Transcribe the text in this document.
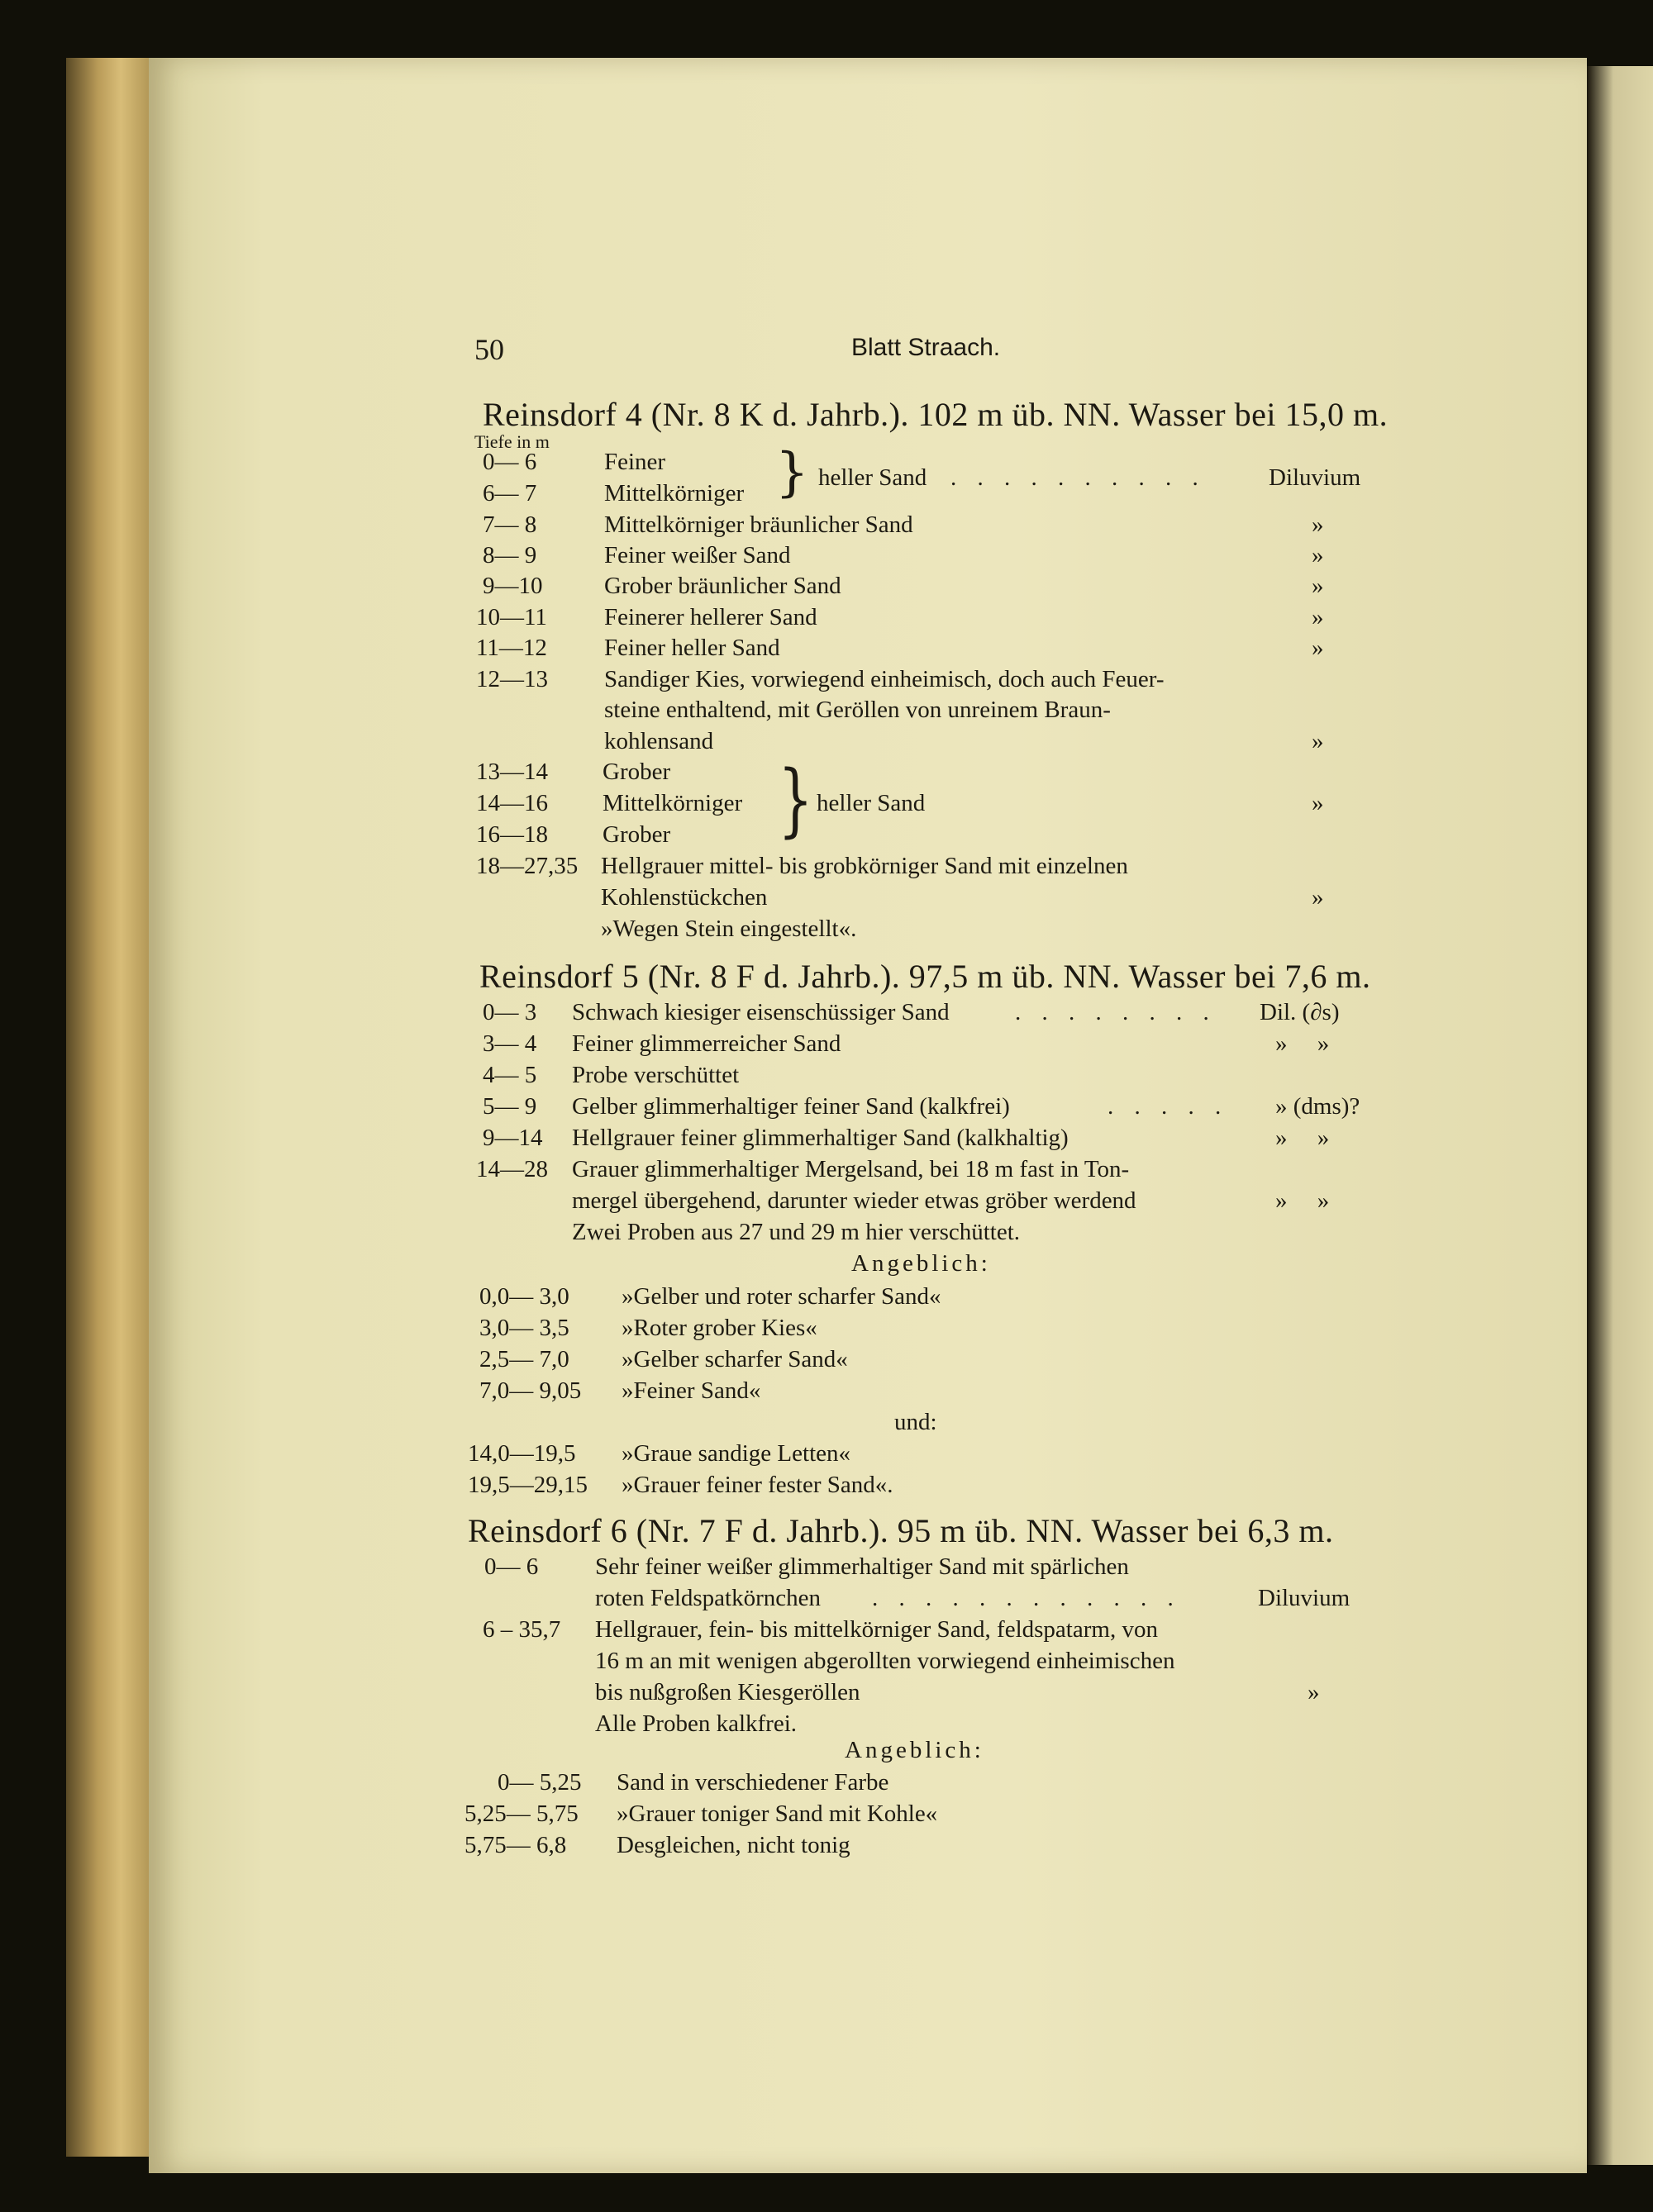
50	Blatt Straach.
Reinsdorf 4 (Nr. 8 K d. Jahrb.). 102 m üb. NN. Wasser bei 15,0 m.
Tiefe in m
0— 6	Feiner
6— 7	Mittelkörniger } heller Sand . . . . . . . . . .	Diluvium
7— 8	Mittelkörniger bräunlicher Sand	»
8— 9	Feiner weißer Sand	»
9—10	Grober bräunlicher Sand	»
10—11 Feinerer hellerer Sand	»
11—12 Feiner heller Sand	»
12—13 Sandiger Kies, vorwiegend einheimisch, doch auch Feuer-
steine enthaltend, mit Geröllen von unreinem Braun-
kohlensand	»
13—14 Grober
14—16 Mittelkörniger	heller Sand	»
}
16—18 Grober
18—27,35 Hellgrauer mittel- bis grobkörniger Sand mit einzelnen
Kohlenstückchen	»
»Wegen Stein eingestellt«.
Reinsdorf 5 (Nr. 8 F d. Jahrb.). 97,5 m üb. NN. Wasser bei 7,6 m.
0— 3 Schwach kiesiger eisenschüssiger Sand	. . . . . . . . Dil. (∂s)
3— 4 Feiner glimmerreicher Sand	»     »
4— 5 Probe verschüttet
5— 9 Gelber glimmerhaltiger feiner Sand (kalkfrei)	. . . . . » (dms)?
9—14 Hellgrauer feiner glimmerhaltiger Sand (kalkhaltig)	»     »
14—28 Grauer glimmerhaltiger Mergelsand, bei 18 m fast in Ton-
mergel übergehend, darunter wieder etwas gröber werdend	»     »
Zwei Proben aus 27 und 29 m hier verschüttet.
Angeblich:
0,0— 3,0 »Gelber und roter scharfer Sand«
3,0— 3,5 »Roter grober Kies«
2,5— 7,0 »Gelber scharfer Sand«
7,0— 9,05 »Feiner Sand«
und:
14,0—19,5 »Graue sandige Letten«
19,5—29,15 »Grauer feiner fester Sand«.
Reinsdorf 6 (Nr. 7 F d. Jahrb.). 95 m üb. NN. Wasser bei 6,3 m.
0— 6 Sehr feiner weißer glimmerhaltiger Sand mit spärlichen
roten Feldspatkörnchen . . . . . . . . . . . .	Diluvium
6 – 35,7 Hellgrauer, fein- bis mittelkörniger Sand, feldspatarm, von
16 m an mit wenigen abgerollten vorwiegend einheimischen
bis nußgroßen Kiesgeröllen	»
Alle Proben kalkfrei.
Angeblich:
0— 5,25 Sand in verschiedener Farbe
5,25— 5,75 »Grauer toniger Sand mit Kohle«
5,75— 6,8 Desgleichen, nicht tonig
